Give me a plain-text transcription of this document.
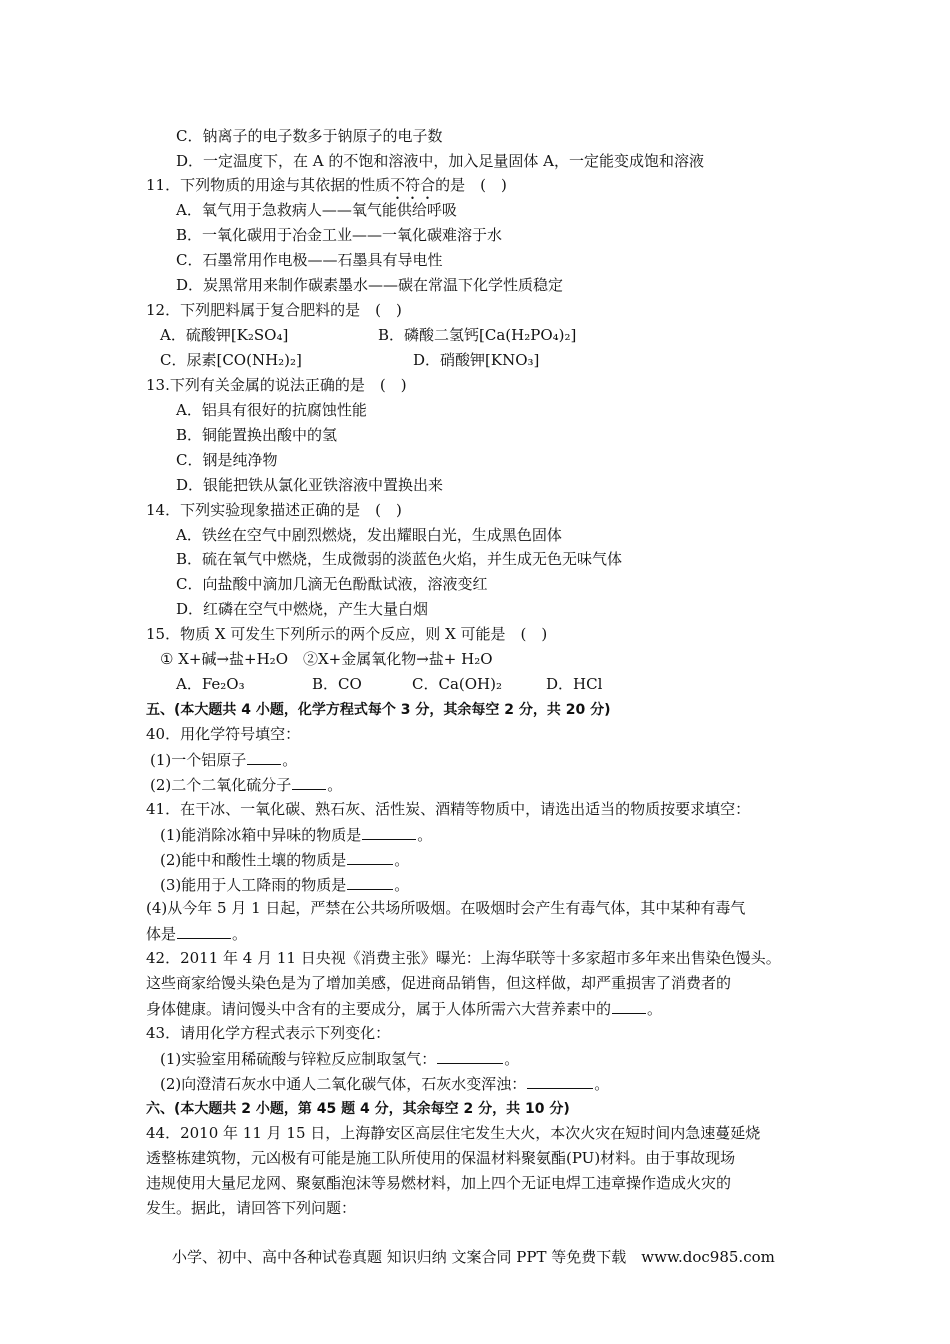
C．钠离子的电子数多于钠原子的电子数
D．一定温度下，在 A 的不饱和溶液中，加入足量固体 A，一定能变成饱和溶液
11．下列物质的用途与其依据的性质不符合的是　(　)
A．氧气用于急救病人——氧气能供给呼吸
B．一氧化碳用于冶金工业——一氧化碳难溶于水
C．石墨常用作电极——石墨具有导电性
D．炭黑常用来制作碳素墨水——碳在常温下化学性质稳定
12．下列肥料属于复合肥料的是　(　)
A．硫酸钾[K₂SO₄]	B．磷酸二氢钙[Ca(H₂PO₄)₂]
C．尿素[CO(NH₂)₂]	D．硝酸钾[KNO₃]
13.下列有关金属的说法正确的是　(　)
A．铝具有很好的抗腐蚀性能
B．铜能置换出酸中的氢
C．钢是纯净物
D．银能把铁从氯化亚铁溶液中置换出来
14．下列实验现象描述正确的是　(　)
A．铁丝在空气中剧烈燃烧，发出耀眼白光，生成黑色固体
B．硫在氧气中燃烧，生成微弱的淡蓝色火焰，并生成无色无味气体
C．向盐酸中滴加几滴无色酚酞试液，溶液变红
D．红磷在空气中燃烧，产生大量白烟
15．物质 X 可发生下列所示的两个反应，则 X 可能是　(　)
① X+碱→盐+H₂O　②X+金属氧化物→盐+ H₂O
A．Fe₂O₃	B．CO	C．Ca(OH)₂	D．HCl
五、(本大题共 4 小题，化学方程式每个 3 分，其余每空 2 分，共 20 分)
40．用化学符号填空：
(1)一个铝原子 。
(2)二个二氧化硫分子 。
41．在干冰、一氧化碳、熟石灰、活性炭、酒精等物质中，请选出适当的物质按要求填空：
(1)能消除冰箱中异味的物质是	。
(2)能中和酸性土壤的物质是	。
(3)能用于人工降雨的物质是	。
(4)从今年 5 月 1 日起，严禁在公共场所吸烟。在吸烟时会产生有毒气体，其中某种有毒气
体是	。
42．2011 年 4 月 11 日央视《消费主张》曝光：上海华联等十多家超市多年来出售染色馒头。
这些商家给馒头染色是为了增加美感，促进商品销售，但这样做，却严重损害了消费者的
身体健康。请问馒头中含有的主要成分，属于人体所需六大营养素中的 。
43．请用化学方程式表示下列变化：
(1)实验室用稀硫酸与锌粒反应制取氢气：	。
(2)向澄清石灰水中通人二氧化碳气体，石灰水变浑浊：	。
六、(本大题共 2 小题，第 45 题 4 分，其余每空 2 分，共 10 分)
44．2010 年 11 月 15 日，上海静安区高层住宅发生大火，本次火灾在短时间内急速蔓延烧
透整栋建筑物，元凶极有可能是施工队所使用的保温材料聚氨酯(PU)材料。由于事故现场
违规使用大量尼龙网、聚氨酯泡沫等易燃材料，加上四个无证电焊工违章操作造成火灾的
发生。据此，请回答下列问题：
小学、初中、高中各种试卷真题 知识归纳 文案合同 PPT 等免费下载　www.doc985.com
